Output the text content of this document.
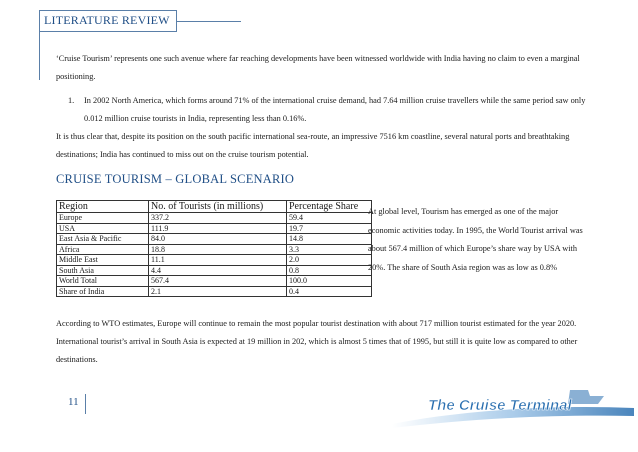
LITERATURE REVIEW
‘Cruise Tourism’ represents one such avenue where far reaching developments have been witnessed worldwide with India having no claim to even a marginal positioning.
1. In 2002 North America, which forms around 71% of the international cruise demand, had 7.64 million cruise travellers while the same period saw only 0.012 million cruise tourists in India, representing less than 0.16%.
It is thus clear that, despite its position on the south pacific international sea-route, an impressive 7516 km coastline, several natural ports and breathtaking destinations; India has continued to miss out on the cruise tourism potential.
CRUISE TOURISM – GLOBAL SCENARIO
Region	No. of Tourists (in millions)	Percentage Share
Europe	337.2	59.4
USA	111.9	19.7
East Asia & Pacific	84.0	14.8
Africa	18.8	3.3
Middle East	11.1	2.0
South Asia	4.4	0.8
World Total	567.4	100.0
Share of India	2.1	0.4
At global level, Tourism has emerged as one of the major economic activities today. In 1995, the World Tourist arrival was about 567.4 million of which Europe’s share way by USA with 20%. The share of South Asia region was as low as 0.8%
According to WTO estimates, Europe will continue to remain the most popular tourist destination with about 717 million tourist estimated for the year 2020. International tourist’s arrival in South Asia is expected at 19 million in 202, which is almost 5 times that of 1995, but still it is quite low as compared to other destinations.
11	The Cruise Terminal
